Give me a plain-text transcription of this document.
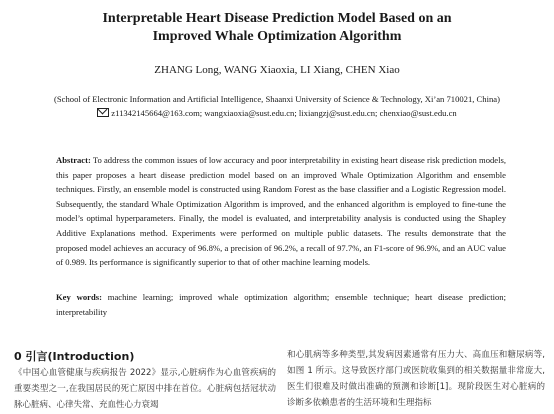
Interpretable Heart Disease Prediction Model Based on an
Improved Whale Optimization Algorithm
ZHANG Long, WANG Xiaoxia, LI Xiang, CHEN Xiao
(School of Electronic Information and Artificial Intelligence, Shaanxi University of Science & Technology, Xi’an 710021, China)
z11342145664@163.com; wangxiaoxia@sust.edu.cn; lixiangzj@sust.edu.cn; chenxiao@sust.edu.cn
Abstract: To address the common issues of low accuracy and poor interpretability in existing heart disease risk prediction models, this paper proposes a heart disease prediction model based on an improved Whale Optimization Algorithm and ensemble techniques. Firstly, an ensemble model is constructed using Random Forest as the base classifier and a Logistic Regression model. Subsequently, the standard Whale Optimization Algorithm is improved, and the enhanced algorithm is employed to fine-tune the model’s optimal hyperparameters. Finally, the model is evaluated, and interpretability analysis is conducted using the Shapley Additive Explanations method. Experiments were performed on multiple public datasets. The results demonstrate that the proposed model achieves an accuracy of 96.8%, a precision of 96.2%, a recall of 97.7%, an F1-score of 96.9%, and an AUC value of 0.989. Its performance is significantly superior to that of other machine learning models.
Key words: machine learning; improved whale optimization algorithm; ensemble technique; heart disease prediction; interpretability
0 引言(Introduction)
《中国心血管健康与疾病报告 2022》显示,心脏病作为心血管疾病的重要类型之一,在我国居民的死亡原因中排在首位。心脏病包括冠状动脉心脏病、心律失常、充血性心力衰竭
和心肌病等多种类型,其发病因素通常有压力大、高血压和糖尿病等,如图 1 所示。这导致医疗部门或医院收集到的相关数据量非常庞大,医生们很难及时做出准确的预测和诊断[1]。现阶段医生对心脏病的诊断多依赖患者的生活环境和生理指标
